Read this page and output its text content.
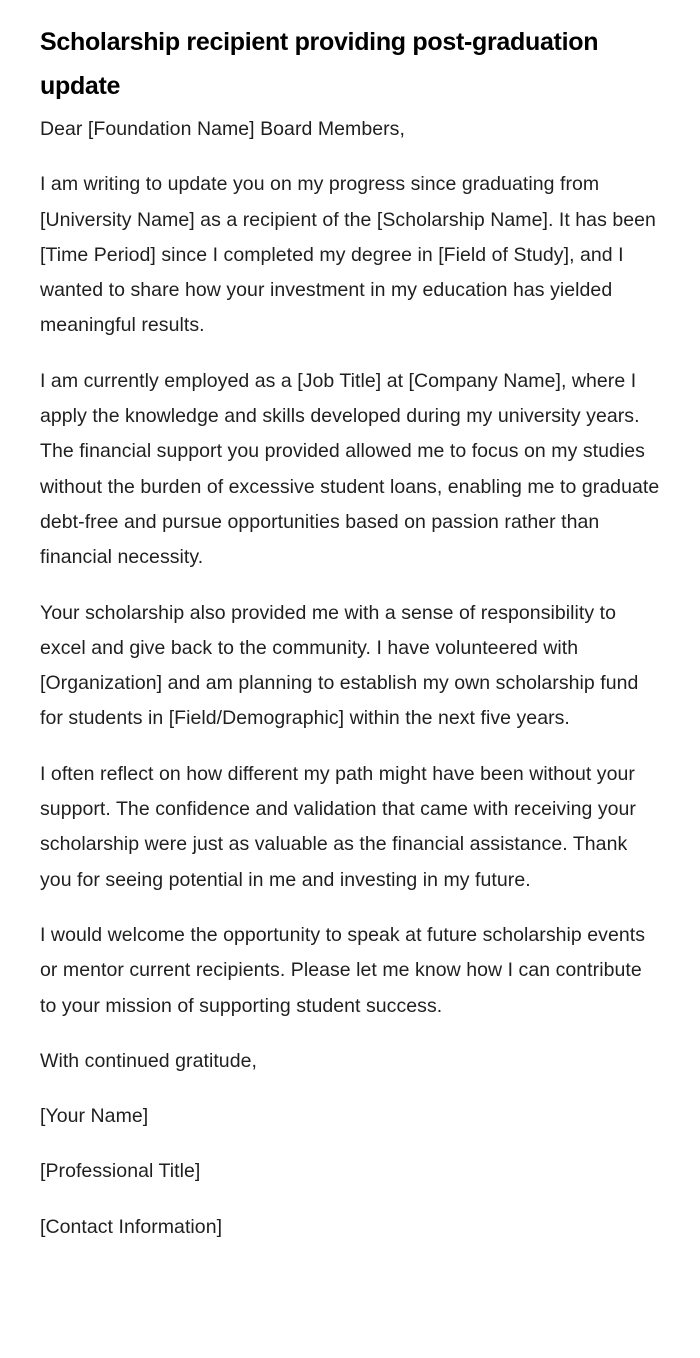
Scholarship recipient providing post-graduation update

Dear [Foundation Name] Board Members,

I am writing to update you on my progress since graduating from [University Name] as a recipient of the [Scholarship Name]. It has been [Time Period] since I completed my degree in [Field of Study], and I wanted to share how your investment in my education has yielded meaningful results.

I am currently employed as a [Job Title] at [Company Name], where I apply the knowledge and skills developed during my university years. The financial support you provided allowed me to focus on my studies without the burden of excessive student loans, enabling me to graduate debt-free and pursue opportunities based on passion rather than financial necessity.

Your scholarship also provided me with a sense of responsibility to excel and give back to the community. I have volunteered with [Organization] and am planning to establish my own scholarship fund for students in [Field/Demographic] within the next five years.

I often reflect on how different my path might have been without your support. The confidence and validation that came with receiving your scholarship were just as valuable as the financial assistance. Thank you for seeing potential in me and investing in my future.

I would welcome the opportunity to speak at future scholarship events or mentor current recipients. Please let me know how I can contribute to your mission of supporting student success.

With continued gratitude,

[Your Name]

[Professional Title]

[Contact Information]
